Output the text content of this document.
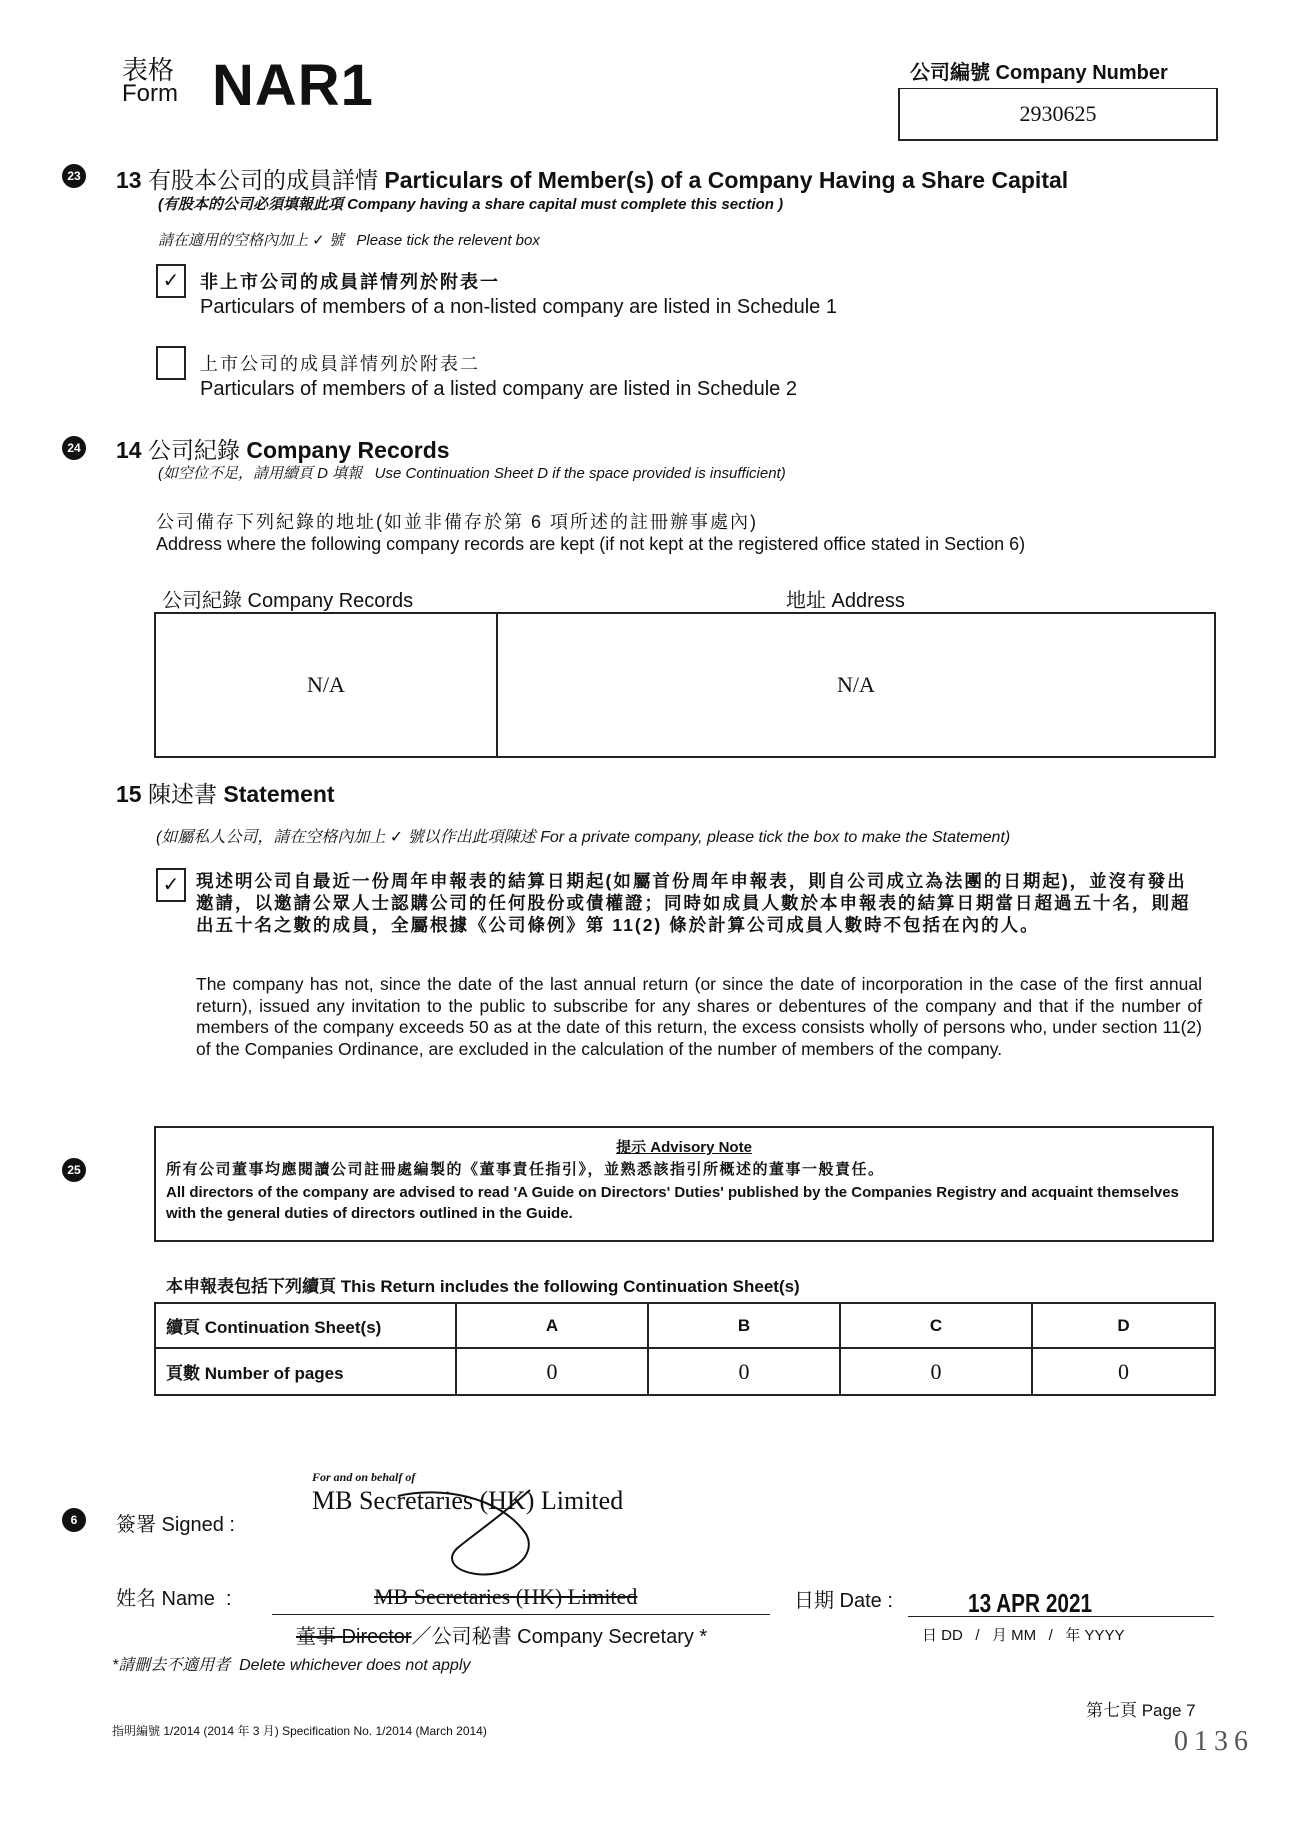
表格
Form NAR1	公司編號 Company Number
2930625
23 13 有股本公司的成員詳情 Particulars of Member(s) of a Company Having a Share Capital
(有股本的公司必須填報此項 Company having a share capital must complete this section )
請在適用的空格內加上 ✓ 號   Please tick the relevent box
✓	非上市公司的成員詳情列於附表一
Particulars of members of a non-listed company are listed in Schedule 1
上市公司的成員詳情列於附表二
Particulars of members of a listed company are listed in Schedule 2
24 14 公司紀錄 Company Records
(如空位不足，請用續頁 D 填報   Use Continuation Sheet D if the space provided is insufficient)
公司備存下列紀錄的地址(如並非備存於第 6 項所述的註冊辦事處內)
Address where the following company records are kept (if not kept at the registered office stated in Section 6)
公司紀錄 Company Records	地址 Address
N/A	N/A
15 陳述書 Statement
(如屬私人公司，請在空格內加上 ✓ 號以作出此項陳述 For a private company, please tick the box to make the Statement)
✓ 現述明公司自最近一份周年申報表的結算日期起(如屬首份周年申報表，則自公司成立為法團的日期起)，並沒有發出邀請，以邀請公眾人士認購公司的任何股份或債權證；同時如成員人數於本申報表的結算日期當日超過五十名，則超出五十名之數的成員，全屬根據《公司條例》第 11(2) 條於計算公司成員人數時不包括在內的人。
The company has not, since the date of the last annual return (or since the date of incorporation in the case of the first annual return), issued any invitation to the public to subscribe for any shares or debentures of the company and that if the number of members of the company exceeds 50 as at the date of this return, the excess consists wholly of persons who, under section 11(2) of the Companies Ordinance, are excluded in the calculation of the number of members of the company.
25
提示 Advisory Note
所有公司董事均應閱讀公司註冊處編製的《董事責任指引》，並熟悉該指引所概述的董事一般責任。
All directors of the company are advised to read 'A Guide on Directors' Duties' published by the Companies Registry and acquaint themselves with the general duties of directors outlined in the Guide.
本申報表包括下列續頁 This Return includes the following Continuation Sheet(s)
續頁 Continuation Sheet(s)	A	B	C	D
頁數 Number of pages	0	0	0	0
6	簽署 Signed :
For and on behalf of
MB Secretaries (HK) Limited
姓名 Name  :	MB Secretaries (HK) Limited	日期 Date :	13 APR 2021
日 DD   /   月 MM   /   年 YYYY
董事 Director／公司秘書 Company Secretary *
*請刪去不適用者  Delete whichever does not apply
第七頁 Page 7
指明編號 1/2014 (2014 年 3 月) Specification No. 1/2014 (March 2014)	0136
